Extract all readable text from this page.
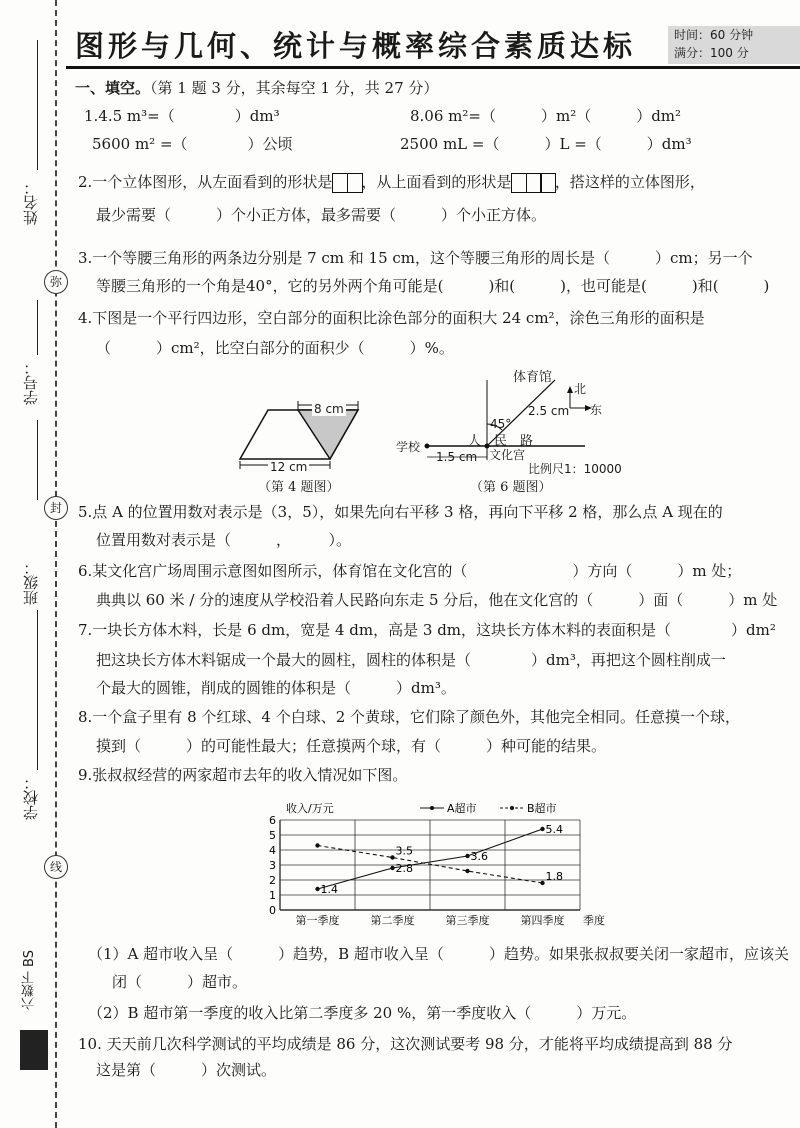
姓名：
弥
学号：
班级：
封
学校：
线
六数下 BS
图形与几何、统计与概率综合素质达标	时间：60 分钟
满分：100 分
一、填空。（第 1 题 3 分，其余每空 1 分，共 27 分）
1.4.5 m³=（　　　　）dm³	8.06 m²=（　　　）m²（　　　）dm²
5600 m² =（　　　　）公顷	2500 mL =（　　　）L =（　　　）dm³
2.一个立体图形，从左面看到的形状是 ，从上面看到的形状是	，搭这样的立体图形，
最少需要（　　　）个小正方体，最多需要（　　　）个小正方体。
3.一个等腰三角形的两条边分别是 7 cm 和 15 cm，这个等腰三角形的周长是（　　　）cm；另一个
等腰三角形的一个角是40°，它的另外两个角可能是(　　　)和(　　　)，也可能是(　　　)和(　　　)
4.下图是一个平行四边形，空白部分的面积比涂色部分的面积大 24 cm²，涂色三角形的面积是
（　　　）cm²，比空白部分的面积少（　　　）%。
8 cm
12 cm
（第 4 题图）
体育馆
北
东
2.5 cm
45°
人　民　路
学校
1.5 cm 文化宫
比例尺1：10000
（第 6 题图）
5.点 A 的位置用数对表示是（3，5），如果先向右平移 3 格，再向下平移 2 格，那么点 A 现在的
位置用数对表示是（　　　，　　　）。
6.某文化宫广场周围示意图如图所示，体育馆在文化宫的（　　　　　　　）方向（　　　）m 处；
典典以 60 米 / 分的速度从学校沿着人民路向东走 5 分后，他在文化宫的（　　　）面（　　　）m 处
7.一块长方体木料，长是 6 dm，宽是 4 dm，高是 3 dm，这块长方体木料的表面积是（　　　　）dm²
把这块长方体木料锯成一个最大的圆柱，圆柱的体积是（　　　　）dm³，再把这个圆柱削成一
个最大的圆锥，削成的圆锥的体积是（　　　）dm³。
8.一个盒子里有 8 个红球、4 个白球、2 个黄球，它们除了颜色外，其他完全相同。任意摸一个球，
摸到（　　　）的可能性最大；任意摸两个球，有（　　　）种可能的结果。
9.张叔叔经营的两家超市去年的收入情况如下图。
0
1
2
3
4
5
6
收入/万元
季度
第一季度	第二季度	第三季度	第四季度
1.4
2.8
3.6
5.4
A超市
3.5
1.8
B超市
（1）A 超市收入呈（　　　）趋势，B 超市收入呈（　　　）趋势。如果张叔叔要关闭一家超市，应该关
闭（　　　）超市。
（2）B 超市第一季度的收入比第二季度多 20 %，第一季度收入（　　　）万元。
10. 天天前几次科学测试的平均成绩是 86 分，这次测试要考 98 分，才能将平均成绩提高到 88 分
这是第（　　　）次测试。
